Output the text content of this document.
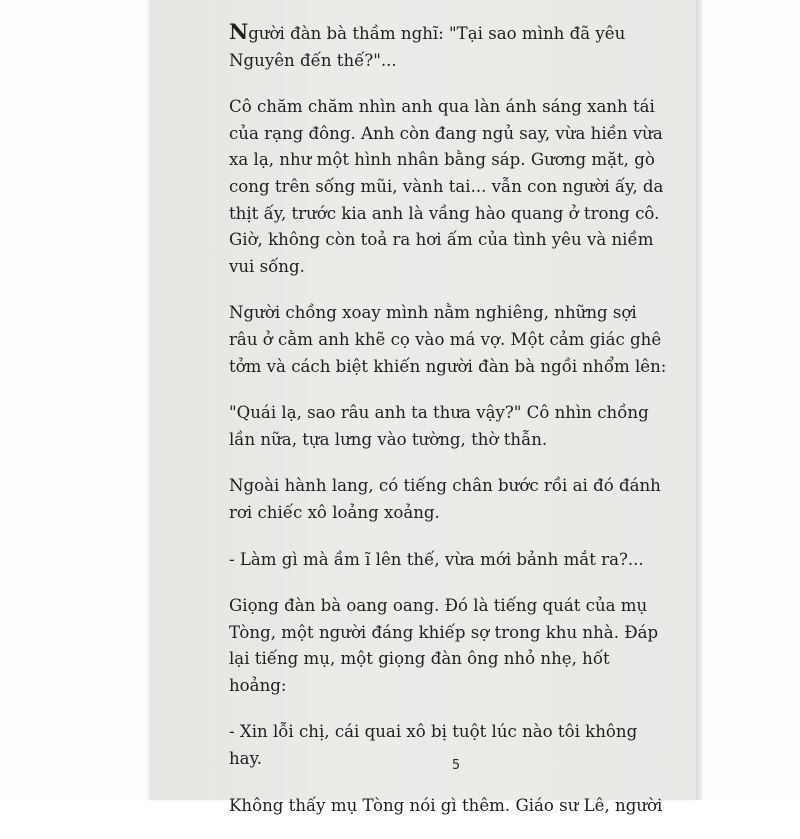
Người đàn bà thầm nghĩ: "Tại sao mình đã yêu Nguyên đến thế?"...

Cô chăm chăm nhìn anh qua làn ánh sáng xanh tái của rạng đông. Anh còn đang ngủ say, vừa hiền vừa xa lạ, như một hình nhân bằng sáp. Gương mặt, gò cong trên sống mũi, vành tai... vẫn con người ấy, da thịt ấy, trước kia anh là vầng hào quang ở trong cô. Giờ, không còn toả ra hơi ấm của tình yêu và niềm vui sống.

Người chồng xoay mình nằm nghiêng, những sợi râu ở cằm anh khẽ cọ vào má vợ. Một cảm giác ghê tởm và cách biệt khiến người đàn bà ngồi nhổm lên:

"Quái lạ, sao râu anh ta thưa vậy?" Cô nhìn chồng lần nữa, tựa lưng vào tường, thờ thẫn.

Ngoài hành lang, có tiếng chân bước rồi ai đó đánh rơi chiếc xô loảng xoảng.

- Làm gì mà ầm ĩ lên thế, vừa mới bảnh mắt ra?...

Giọng đàn bà oang oang. Đó là tiếng quát của mụ Tòng, một người đáng khiếp sợ trong khu nhà. Đáp lại tiếng mụ, một giọng đàn ông nhỏ nhẹ, hốt hoảng:

- Xin lỗi chị, cái quai xô bị tuột lúc nào tôi không hay.

Không thấy mụ Tòng nói gì thêm. Giáo sư Lê, người

5
